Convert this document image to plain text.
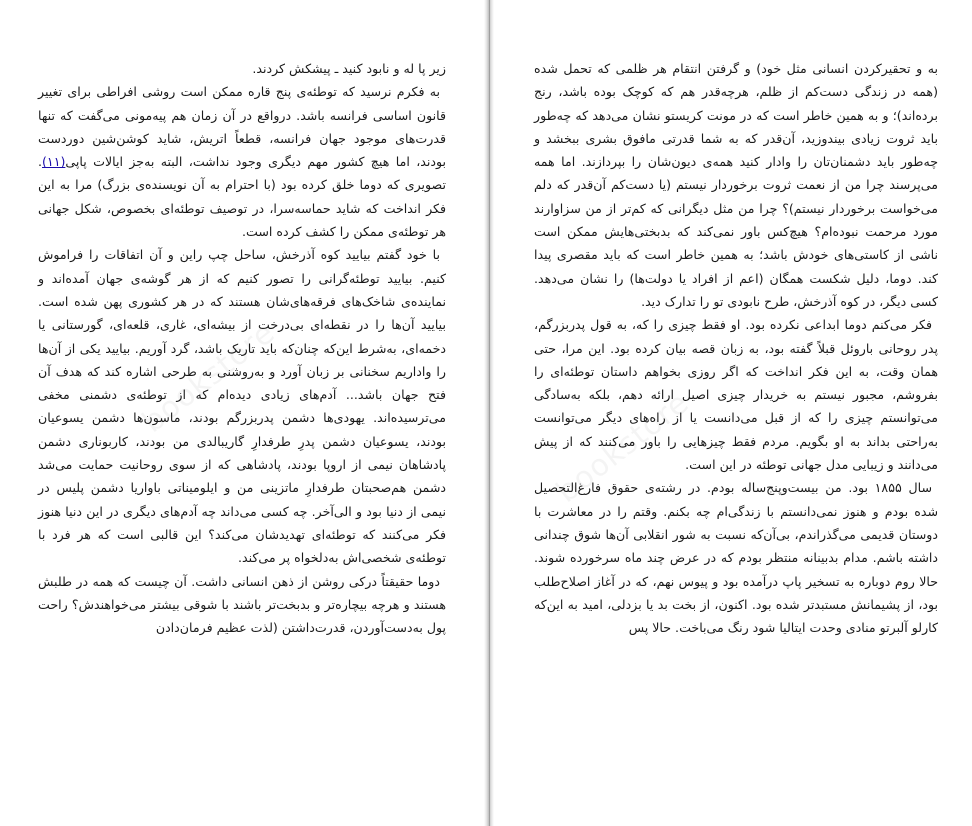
زیر پا له و نابود کنید ـ پیشکش کردند.

به فکرم نرسید که توطئه‌ی پنج قاره ممکن است روشی افراطی برای تغییر قانون اساسی فرانسه باشد. درواقع در آن زمان هم پیه‌مونی می‌گفت که تنها قدرت‌های موجود جهان فرانسه، قطعاً اتریش، شاید کوشن‌شین دوردست بودند، اما هیچ کشور مهم دیگری وجود نداشت، البته به‌جز ایالات پاپی(۱۱). تصویری که دوما خلق کرده بود (با احترام به آن نویسنده‌ی بزرگ) مرا به این فکر انداخت که شاید حماسه‌سرا، در توصیف توطئه‌ای بخصوص، شکل جهانی هر توطئه‌ی ممکن را کشف کرده است.

با خود گفتم بیایید کوه آذرخش، ساحل چپ راین و آن اتفاقات را فراموش کنیم. بیایید توطئه‌گرانی را تصور کنیم که از هر گوشه‌ی جهان آمده‌اند و نماینده‌ی شاخک‌های فرقه‌های‌شان هستند که در هر کشوری پهن شده است. بیایید آن‌ها را در نقطه‌ای بی‌درخت از بیشه‌ای، غاری، قلعه‌ای، گورستانی یا دخمه‌ای، به‌شرط این‌که چنان‌که باید تاریک باشد، گرد آوریم. بیایید یکی از آن‌ها را واداریم سخنانی بر زبان آورد و به‌روشنی به طرحی اشاره کند که هدف آن فتح جهان باشد... آدم‌های زیادی دیده‌ام که از توطئه‌ی دشمنی مخفی می‌ترسیده‌اند. یهودی‌ها دشمن پدربزرگم بودند، ماسون‌ها دشمن یسوعیان بودند، یسوعیان دشمن پدرِ طرفدارِ گاریبالدی من بودند، کاربوناری دشمن پادشاهان نیمی از اروپا بودند، پادشاهی که از سوی روحانیت حمایت می‌شد دشمن هم‌صحبتان طرفدارِ ماتزینی من و ایلومیناتی باواریا دشمن پلیس در نیمی از دنیا بود و الی‌آخر. چه کسی می‌داند چه آدم‌های دیگری در این دنیا هنوز فکر می‌کنند که توطئه‌ای تهدیدشان می‌کند؟ این قالبی است که هر فرد با توطئه‌ی شخصی‌اش به‌دلخواه پر می‌کند.

دوما حقیقتاً درکی روشن از ذهن انسانی داشت. آن چیست که همه در طلبش هستند و هرچه بیچاره‌تر و بدبخت‌تر باشند با شوقی بیشتر می‌خواهندش؟ راحت پول به‌دست‌آوردن، قدرت‌داشتن (لذت عظیم فرمان‌دادن

به و تحقیرکردن انسانی مثل خود) و گرفتن انتقام هر ظلمی که تحمل شده (همه در زندگی دست‌کم از ظلم، هرچه‌قدر هم که کوچک بوده باشد، رنج برده‌اند)؛ و به همین خاطر است که در مونت کریستو نشان می‌دهد که چه‌طور باید ثروت زیادی بیندوزید، آن‌قدر که به شما قدرتی مافوق بشری ببخشد و چه‌طور باید دشمنان‌تان را وادار کنید همه‌ی دیون‌شان را بپردازند. اما همه می‌پرسند چرا من از نعمت ثروت برخوردار نیستم (یا دست‌کم آن‌قدر که دلم می‌خواست برخوردار نیستم)؟ چرا من مثل دیگرانی که کم‌تر از من سزاوارند مورد مرحمت نبوده‌ام؟ هیچ‌کس باور نمی‌کند که بدبختی‌هایش ممکن است ناشی از کاستی‌های خودش باشد؛ به همین خاطر است که باید مقصری پیدا کند. دوما، دلیل شکست همگان (اعم از افراد یا دولت‌ها) را نشان می‌دهد. کسی دیگر، در کوه آذرخش، طرح نابودی تو را تدارک دید.

فکر می‌کنم دوما ابداعی نکرده بود. او فقط چیزی را که، به قول پدربزرگم، پدر روحانی باروئل قبلاً گفته بود، به زبان قصه بیان کرده بود. این مرا، حتی همان وقت، به این فکر انداخت که اگر روزی بخواهم داستان توطئه‌ای را بفروشم، مجبور نیستم به خریدار چیزی اصیل ارائه دهم، بلکه به‌سادگی می‌توانستم چیزی را که از قبل می‌دانست یا از راه‌های دیگر می‌توانست به‌راحتی بداند به او بگویم. مردم فقط چیزهایی را باور می‌کنند که از پیش می‌دانند و زیبایی مدل جهانی توطئه در این است.

سال ۱۸۵۵ بود. من بیست‌وپنج‌ساله بودم. در رشته‌ی حقوق فارغ‌التحصیل شده بودم و هنوز نمی‌دانستم با زندگی‌ام چه بکنم. وقتم را در معاشرت با دوستان قدیمی می‌گذراندم، بی‌آن‌که نسبت به شور انقلابی آن‌ها شوق چندانی داشته باشم. مدام بدبینانه منتظر بودم که در عرض چند ماه سرخورده شوند. حالا روم دوباره به تسخیر پاپ درآمده بود و پیوس نهم، که در آغاز اصلاح‌طلب بود، از پشیمانش مستبدتر شده بود. اکنون، از بخت بد یا بزدلی، امید به این‌که کارلو آلبرتو منادی وحدت ایتالیا شود رنگ می‌باخت. حالا پس
